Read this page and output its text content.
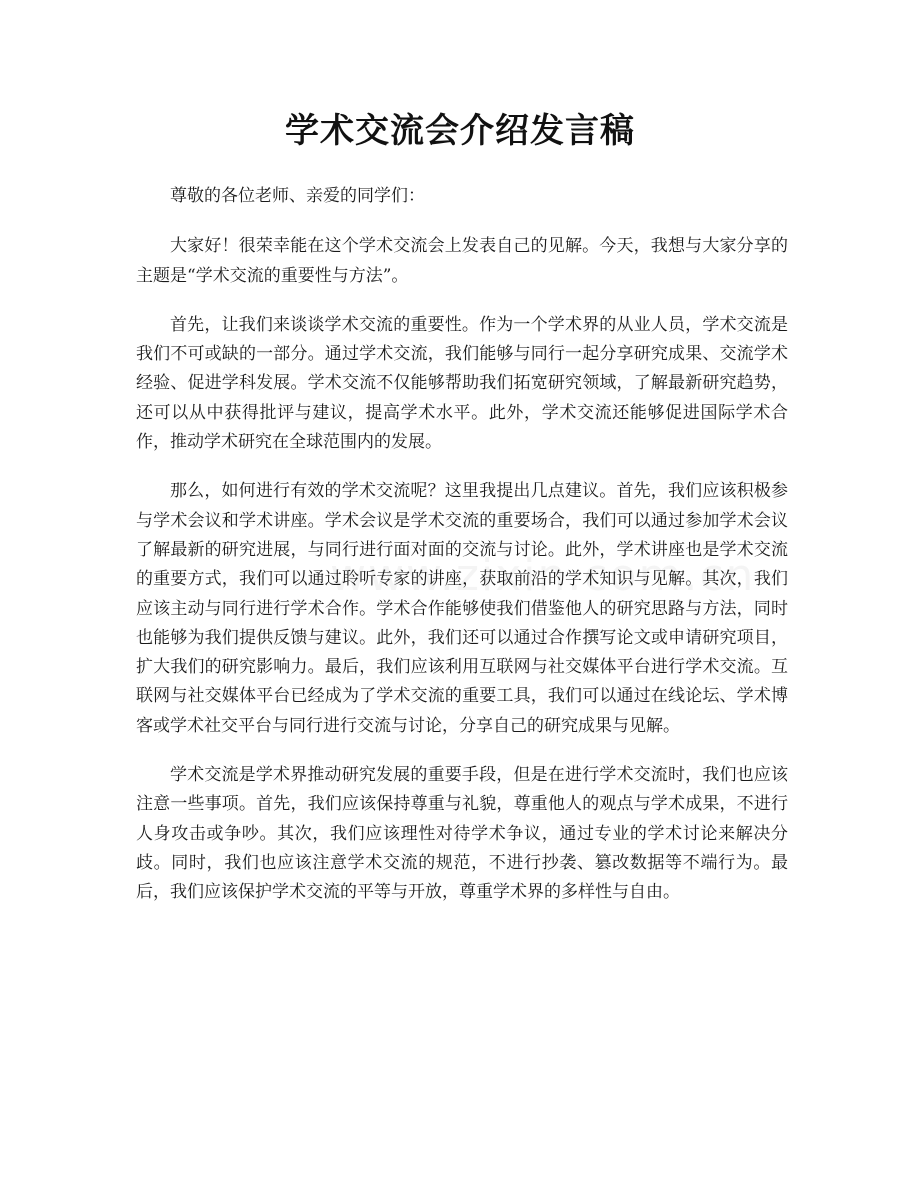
学术交流会介绍发言稿

尊敬的各位老师、亲爱的同学们：

大家好！很荣幸能在这个学术交流会上发表自己的见解。今天，我想与大家分享的主题是“学术交流的重要性与方法”。

首先，让我们来谈谈学术交流的重要性。作为一个学术界的从业人员，学术交流是我们不可或缺的一部分。通过学术交流，我们能够与同行一起分享研究成果、交流学术经验、促进学科发展。学术交流不仅能够帮助我们拓宽研究领域，了解最新研究趋势，还可以从中获得批评与建议，提高学术水平。此外，学术交流还能够促进国际学术合作，推动学术研究在全球范围内的发展。

那么，如何进行有效的学术交流呢？这里我提出几点建议。首先，我们应该积极参与学术会议和学术讲座。学术会议是学术交流的重要场合，我们可以通过参加学术会议了解最新的研究进展，与同行进行面对面的交流与讨论。此外，学术讲座也是学术交流的重要方式，我们可以通过聆听专家的讲座，获取前沿的学术知识与见解。其次，我们应该主动与同行进行学术合作。学术合作能够使我们借鉴他人的研究思路与方法，同时也能够为我们提供反馈与建议。此外，我们还可以通过合作撰写论文或申请研究项目，扩大我们的研究影响力。最后，我们应该利用互联网与社交媒体平台进行学术交流。互联网与社交媒体平台已经成为了学术交流的重要工具，我们可以通过在线论坛、学术博客或学术社交平台与同行进行交流与讨论，分享自己的研究成果与见解。

学术交流是学术界推动研究发展的重要手段，但是在进行学术交流时，我们也应该注意一些事项。首先，我们应该保持尊重与礼貌，尊重他人的观点与学术成果，不进行人身攻击或争吵。其次，我们应该理性对待学术争议，通过专业的学术讨论来解决分歧。同时，我们也应该注意学术交流的规范，不进行抄袭、篡改数据等不端行为。最后，我们应该保护学术交流的平等与开放，尊重学术界的多样性与自由。
